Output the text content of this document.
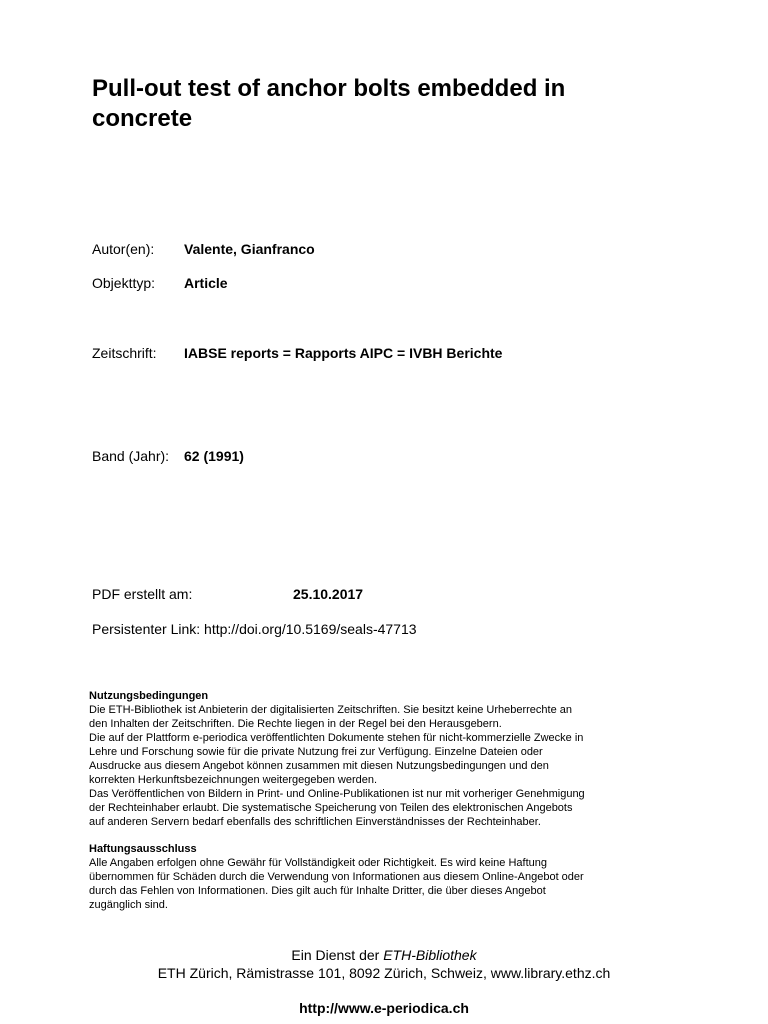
Pull-out test of anchor bolts embedded in concrete
Autor(en): Valente, Gianfranco
Objekttyp: Article
Zeitschrift: IABSE reports = Rapports AIPC = IVBH Berichte
Band (Jahr): 62 (1991)
PDF erstellt am:	25.10.2017
Persistenter Link: http://doi.org/10.5169/seals-47713

Nutzungsbedingungen

Die ETH-Bibliothek ist Anbieterin der digitalisierten Zeitschriften. Sie besitzt keine Urheberrechte an

den Inhalten der Zeitschriften. Die Rechte liegen in der Regel bei den Herausgebern.

Die auf der Plattform e-periodica veröffentlichten Dokumente stehen für nicht-kommerzielle Zwecke in

Lehre und Forschung sowie für die private Nutzung frei zur Verfügung. Einzelne Dateien oder

Ausdrucke aus diesem Angebot können zusammen mit diesen Nutzungsbedingungen und den

korrekten Herkunftsbezeichnungen weitergegeben werden.

Das Veröffentlichen von Bildern in Print- und Online-Publikationen ist nur mit vorheriger Genehmigung

der Rechteinhaber erlaubt. Die systematische Speicherung von Teilen des elektronischen Angebots

auf anderen Servern bedarf ebenfalls des schriftlichen Einverständnisses der Rechteinhaber.

Haftungsausschluss

Alle Angaben erfolgen ohne Gewähr für Vollständigkeit oder Richtigkeit. Es wird keine Haftung

übernommen für Schäden durch die Verwendung von Informationen aus diesem Online-Angebot oder

durch das Fehlen von Informationen. Dies gilt auch für Inhalte Dritter, die über dieses Angebot

zugänglich sind.

Ein Dienst der ETH-Bibliothek
ETH Zürich, Rämistrasse 101, 8092 Zürich, Schweiz, www.library.ethz.ch
http://www.e-periodica.ch
